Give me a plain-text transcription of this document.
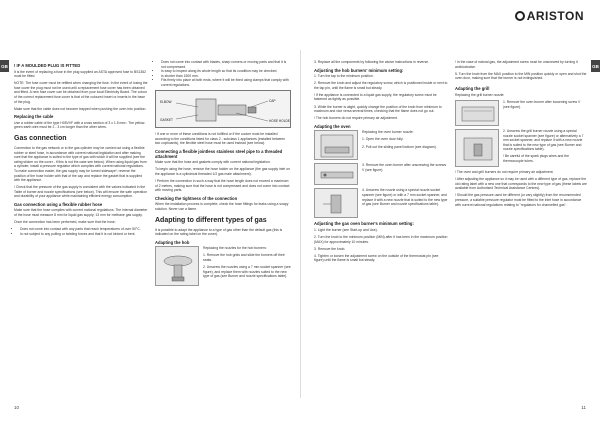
ARISTON
GB	GB
! IF A MOULDED PLUG IS FITTED

It is the event of replacing a fuse in the plug supplied an ASTA approved fuse to BS1362 must be fitted.

NOTE: The fuse cover must be refitted when changing the fuse. In the event of losing the fuse cover the plug must not be used until a replacement fuse cover has been obtained and fitted. A new fuse cover can be obtained from your local Electricity Board. The colour of the correct replacement fuse cover is that of the coloured insert or inserts in the base of the plug.

Make sure that the cable does not become trapped when pushing the oven into position.

Replacing the cable

Use a rubber cable of the type H05VVF with a cross section of 3 x 1.5 mm². The yellow-green earth wire must be 2 - 3 cm longer than the other wires.

Gas connection

Connection to the gas network or to the gas cylinder may be carried out using a flexible rubber or steel hose, in accordance with current national legislation and after making sure that the appliance is suited to the type of gas with which it will be supplied (see the rating sticker on the cover - if this is not the case see below). When using liquid gas from a cylinder, install a pressure regulator which complies with current national regulations. To make connection easier, the gas supply may be turned sideways*: reverse the position of the hose holder with that of the cap and replace the gasket that is supplied with the appliance.

! Check that the pressure of the gas supply is consistent with the values indicated in the Table of burner and nozzle specifications (see below). This will ensure the safe operation and durability of your appliance while maintaining efficient energy consumption.

Gas connection using a flexible rubber hose

Make sure that the hose complies with current national regulations. The internal diameter of the hose must measure 8 mm for liquid gas supply; 13 mm for methane gas supply.

Once the connection has been performed, make sure that the hose:

• Does not come into contact with any parts that reach temperatures of over 50°C.
• Is not subject to any pulling or twisting forces and that it is not kinked or bent.
• Does not come into contact with blades, sharp corners or moving parts and that it is not compressed.
• Is easy to inspect along its whole length so that its condition may be checked.
• Is shorter than 1500 mm.
• Fits firmly into place at both ends, where it will be fixed using clamps that comply with current regulations.
ELBOW
GASKET
CAP
HOSE HOLDER

! If one or more of these conditions is not fulfilled or if the cooker must be installed according to the conditions listed for class 2 - subclass 1 appliances (installed between two cupboards), the flexible steel hose must be used instead (see below).

Connecting a flexible jointless stainless steel pipe to a threaded attachment

Make sure that the hose and gaskets comply with current national legislation.

To begin using the hose, remove the hose holder on the appliance (the gas supply inlet on the appliance is a cylindrical threaded 1/2 gas male attachment).

! Perform the connection in such a way that the hose length does not exceed a maximum of 2 metres, making sure that the hose is not compressed and does not come into contact with moving parts.

Checking the tightness of the connection

When the installation process is complete, check the hose fittings for leaks using a soapy solution. Never use a flame.

Adapting to different types of gas

It is possible to adapt the appliance to a type of gas other than the default gas (this is indicated on the rating label on the cover).

Adapting the hob

Replacing the nozzles for the hob burners:

1. Remove the hob grids and slide the burners off their seats.

2. Unscrew the nozzles using a 7 mm socket spanner (see figure), and replace them with nozzles suited to the new type of gas (see Burner and nozzle specifications table).

3. Replace all the components by following the above instructions in reverse.

Adjusting the hob burners' minimum setting:

1. Turn the tap to the minimum position.

2. Remove the knob and adjust the regulatory screw, which is positioned inside or next to the tap pin, until the flame is small but steady.

! If the appliance is connected to a liquid gas supply, the regulatory screw must be fastened as tightly as possible.

3. While the burner is alight, quickly change the position of the knob from minimum to maximum and vice versa several times, checking that the flame does not go out.

! The hob burners do not require primary air adjustment.

Adapting the oven

Replacing the oven burner nozzle:

1. Open the oven door fully.

2. Pull out the sliding panel bottom (see diagram).

3. Remove the oven burner after unscrewing the screws V (see figure).

4. Unscrew the nozzle using a special nozzle socket spanner (see figure) or with a 7 mm socket spanner, and replace it with a new nozzle that is suited to the new type of gas (see Burner and nozzle specifications table).

Adjusting the gas oven burner's minimum setting:

1. Light the burner (see Start-up and Use).

2. Turn the knob to the minimum position (MIN) after it has been in the maximum position (MAX) for approximately 10 minutes.

3. Remove the knob.

4. Tighten or loosen the adjustment screw on the outside of the thermostat pin (see figure) until the flame is small but steady.

! In the case of natural gas, the adjustment screw must be unscrewed by turning it anticlockwise.

5. Turn the knob from the MAX position to the MIN position quickly or open and shut the oven door, making sure that the burner is not extinguished.

Adapting the grill

Replacing the grill burner nozzle:

1. Remove the oven burner after loosening screw V (see figure).

2. Unscrew the grill burner nozzle using a special nozzle socket spanner (see figure) or alternatively a 7 mm socket spanner, and replace it with a new nozzle that is suited to the new type of gas (see Burner and nozzle specifications table).

! Be careful of the spark plugs wires and the thermocouple tubes.

! The oven and grill burners do not require primary air adjustment.

! After adjusting the appliance so it may be used with a different type of gas, replace the old rating label with a new one that corresponds to the new type of gas (these labels are available from Authorised Technical Assistance Centres).

! Should the gas pressure used be different (or vary slightly) from the recommended pressure, a suitable pressure regulator must be fitted to the inlet hose in accordance with current national regulations relating to "regulators for channelled gas".

10	11
